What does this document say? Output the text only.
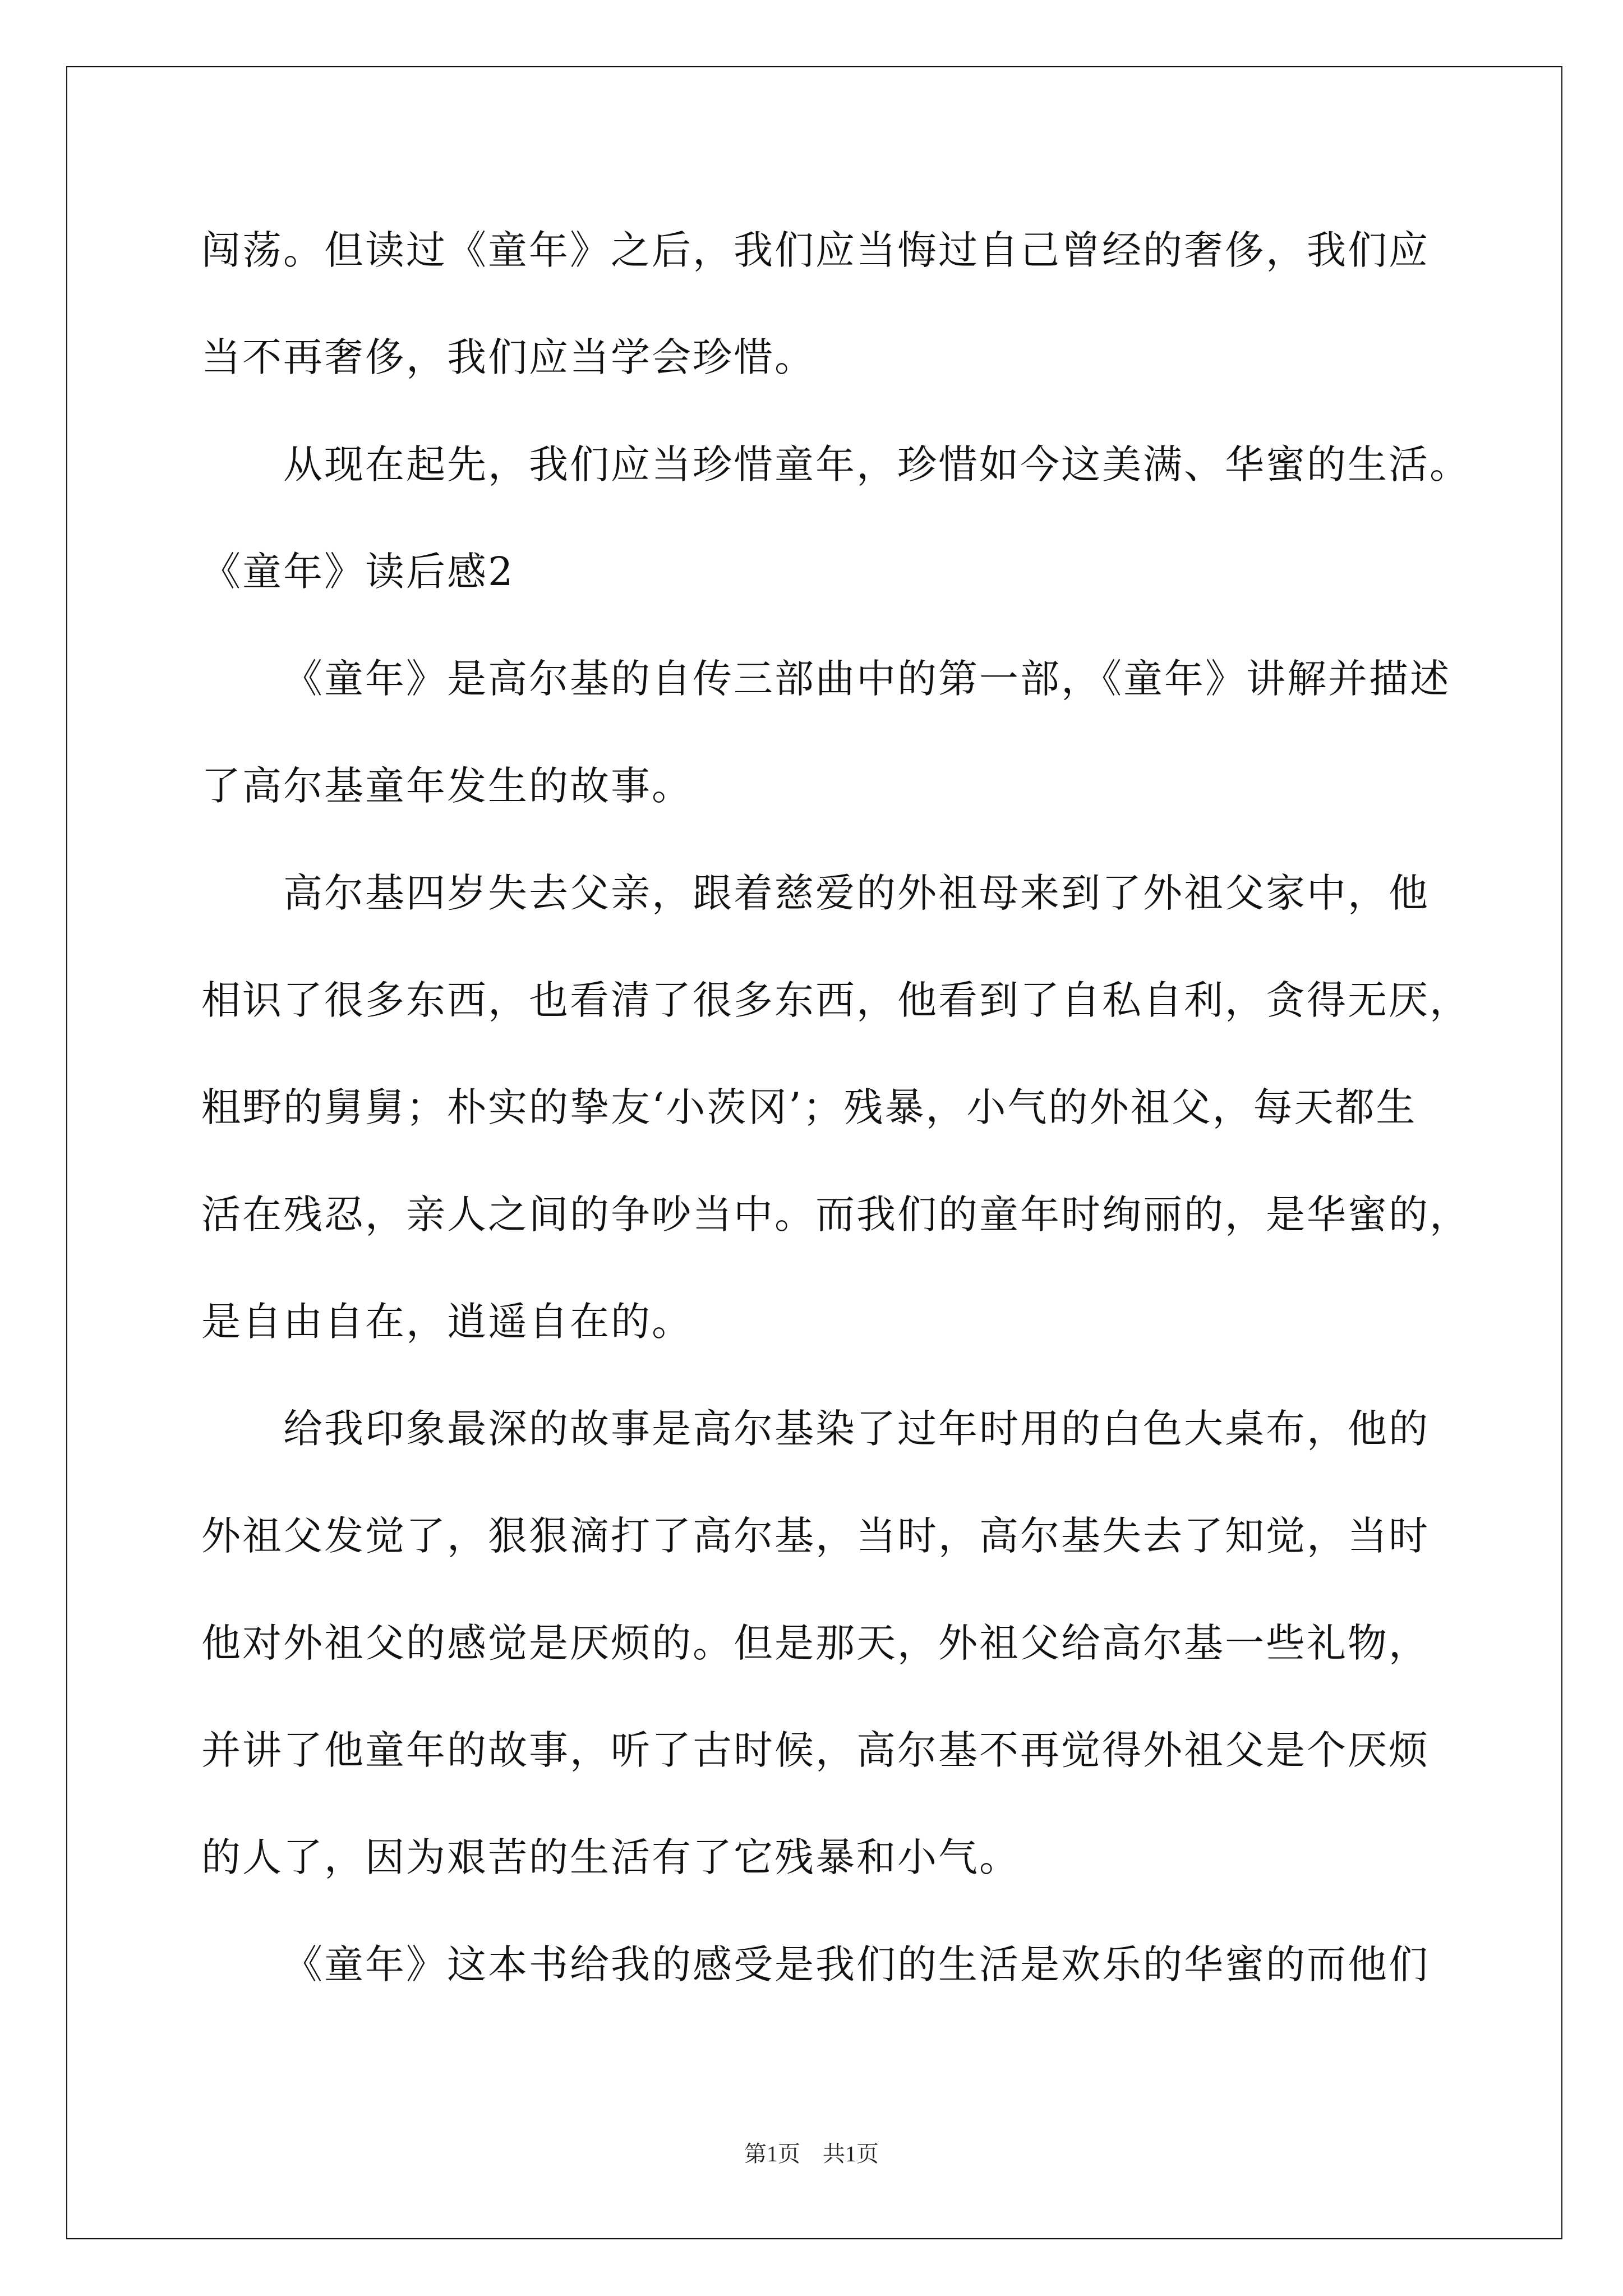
闯荡。但读过《童年》之后，我们应当悔过自己曾经的奢侈，我们应
当不再奢侈，我们应当学会珍惜。
从现在起先，我们应当珍惜童年，珍惜如今这美满、华蜜的生活。
《童年》读后感2
《童年》是高尔基的自传三部曲中的第一部，《童年》讲解并描述
了高尔基童年发生的故事。
高尔基四岁失去父亲，跟着慈爱的外祖母来到了外祖父家中，他
相识了很多东西，也看清了很多东西，他看到了自私自利，贪得无厌，
粗野的舅舅；朴实的挚友‘小茨冈’；残暴，小气的外祖父，每天都生
活在残忍，亲人之间的争吵当中。而我们的童年时绚丽的，是华蜜的，
是自由自在，逍遥自在的。
给我印象最深的故事是高尔基染了过年时用的白色大桌布，他的
外祖父发觉了，狠狠滴打了高尔基，当时，高尔基失去了知觉，当时
他对外祖父的感觉是厌烦的。但是那天，外祖父给高尔基一些礼物，
并讲了他童年的故事，听了古时候，高尔基不再觉得外祖父是个厌烦
的人了，因为艰苦的生活有了它残暴和小气。
《童年》这本书给我的感受是我们的生活是欢乐的华蜜的而他们
第1页　共1页
